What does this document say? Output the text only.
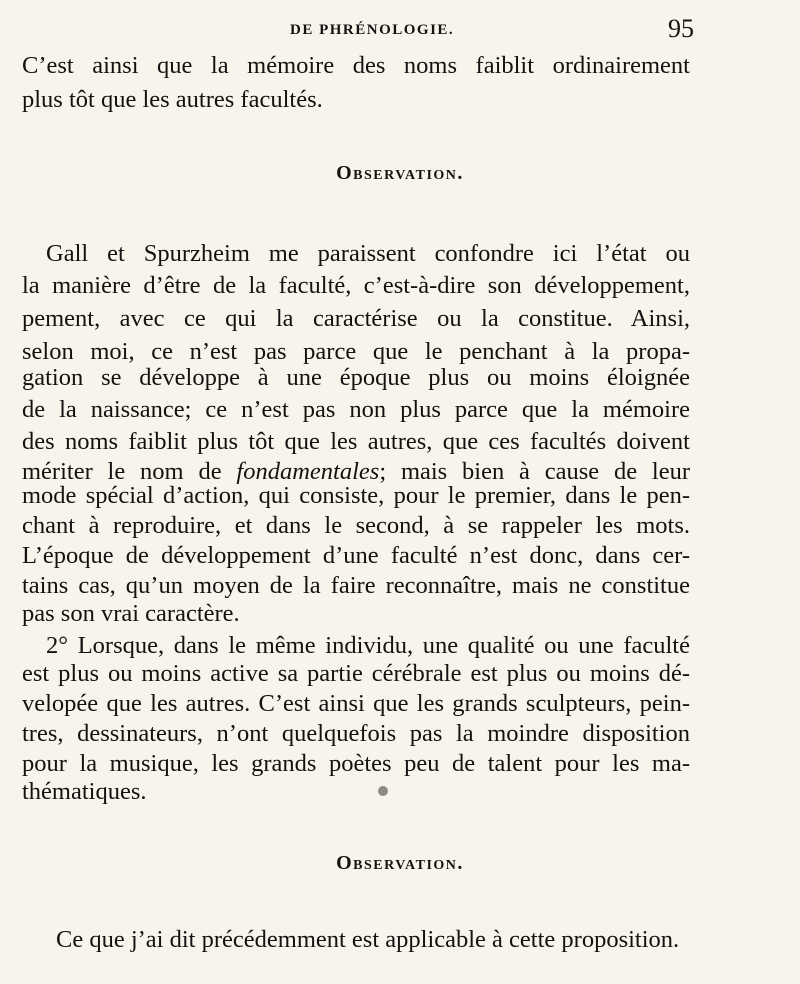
DE PHRÉNOLOGIE.	95
C’est ainsi que la mémoire des noms faiblit ordinairement
plus tôt que les autres facultés.
Observation.
Gall et Spurzheim me paraissent confondre ici l’état ou
la manière d’être de la faculté, c’est-à-dire son développement,
pement, avec ce qui la caractérise ou la constitue. Ainsi,
selon moi, ce n’est pas parce que le penchant à la propa-
gation se développe à une époque plus ou moins éloignée
de la naissance; ce n’est pas non plus parce que la mémoire
des noms faiblit plus tôt que les autres, que ces facultés doivent
mériter le nom de fondamentales; mais bien à cause de leur
mode spécial d’action, qui consiste, pour le premier, dans le pen-
chant à reproduire, et dans le second, à se rappeler les mots.
L’époque de développement d’une faculté n’est donc, dans cer-
tains cas, qu’un moyen de la faire reconnaître, mais ne constitue
pas son vrai caractère.
2° Lorsque, dans le même individu, une qualité ou une faculté
est plus ou moins active sa partie cérébrale est plus ou moins dé-
velopée que les autres. C’est ainsi que les grands sculpteurs, pein-
tres, dessinateurs, n’ont quelquefois pas la moindre disposition
pour la musique, les grands poètes peu de talent pour les ma-
thématiques.
Observation.
Ce que j’ai dit précédemment est applicable à cette proposition.
